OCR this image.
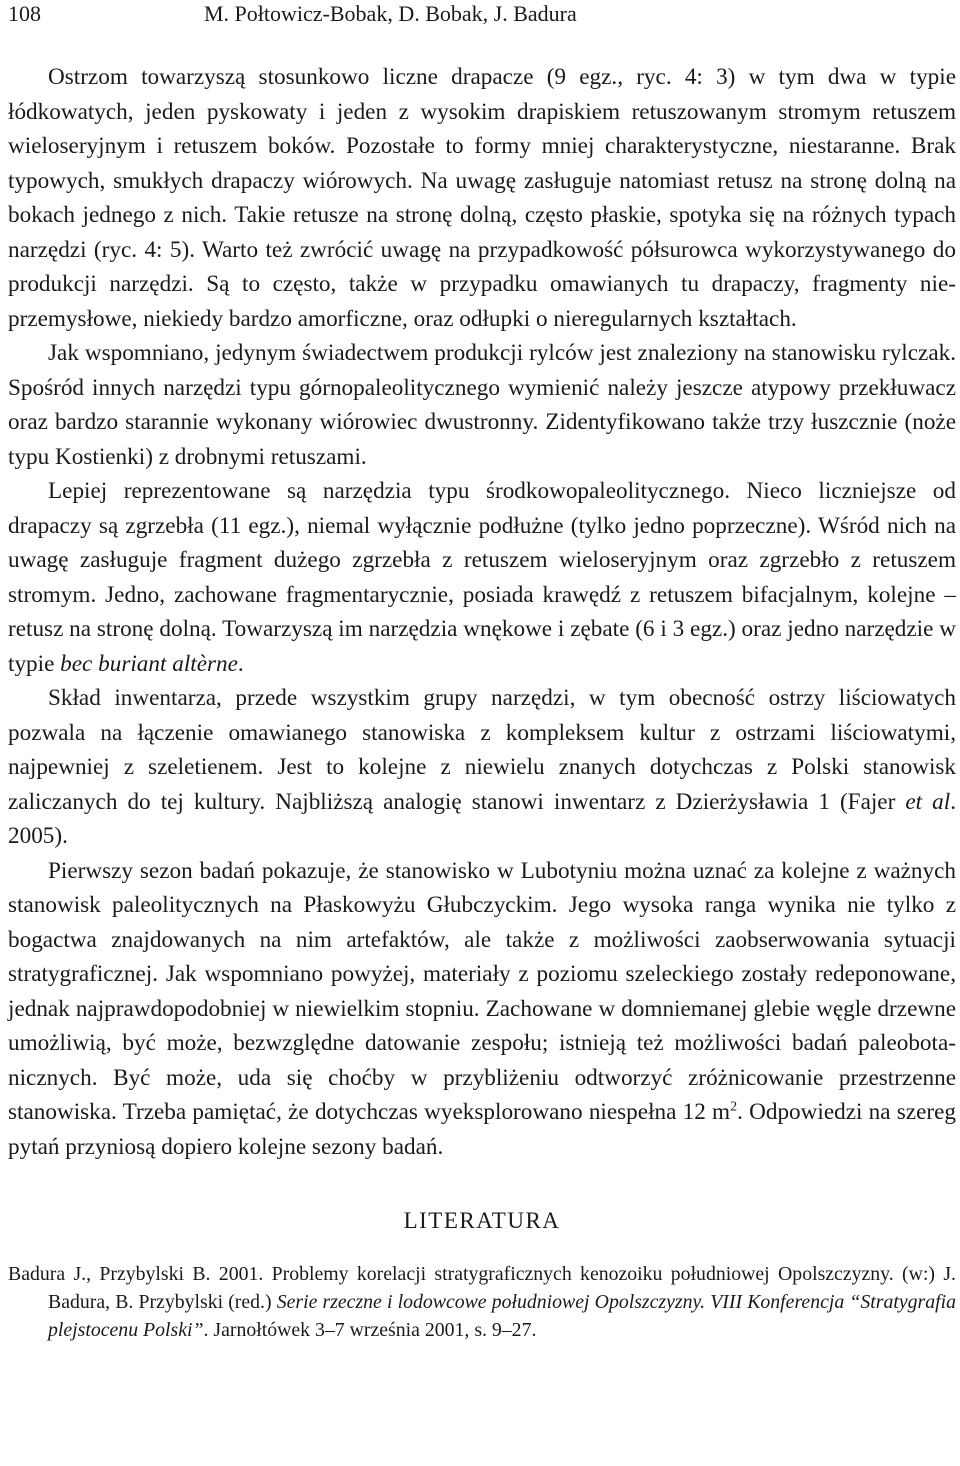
108	M. Połtowicz-Bobak, D. Bobak, J. Badura

Ostrzom towarzyszą stosunkowo liczne drapacze (9 egz., ryc. 4: 3) w tym dwa w typie łódkowatych, jeden pyskowaty i jeden z wysokim drapiskiem retuszowanym stromym retuszem wieloseryjnym i retuszem boków. Pozostałe to formy mniej charakterystyczne, niestaranne. Brak typowych, smukłych drapaczy wiórowych. Na uwagę zasługuje natomiast retusz na stronę dolną na bokach jednego z nich. Takie retusze na stronę dolną, często płaskie, spotyka się na różnych typach narzędzi (ryc. 4: 5). Warto też zwrócić uwagę na przypadkowość półsurowca wykorzystywanego do produkcji narzędzi. Są to często, także w przypadku omawianych tu drapaczy, fragmenty nieprzemysłowe, niekiedy bardzo amorficzne, oraz odłupki o nieregularnych kształtach.

Jak wspomniano, jedynym świadectwem produkcji rylców jest znaleziony na stanowisku rylczak. Spośród innych narzędzi typu górnopaleolitycznego wymienić należy jeszcze atypowy przekłuwacz oraz bardzo starannie wykonany wiórowiec dwustronny. Zidentyfikowano także trzy łuszcznie (noże typu Kostienki) z drobnymi retuszami.

Lepiej reprezentowane są narzędzia typu środkowopaleolitycznego. Nieco liczniejsze od drapaczy są zgrzebła (11 egz.), niemal wyłącznie podłużne (tylko jedno poprzeczne). Wśród nich na uwagę zasługuje fragment dużego zgrzebła z retuszem wieloseryjnym oraz zgrzebło z retuszem stromym. Jedno, zachowane fragmentarycznie, posiada krawędź z retuszem bifacjalnym, kolejne – retusz na stronę dolną. Towarzyszą im narzędzia wnękowe i zębate (6 i 3 egz.) oraz jedno narzędzie w typie bec buriant altèrne.

Skład inwentarza, przede wszystkim grupy narzędzi, w tym obecność ostrzy liściowatych pozwala na łączenie omawianego stanowiska z kompleksem kultur z ostrzami liściowatymi, najpewniej z szeletienem. Jest to kolejne z niewielu znanych dotychczas z Polski stanowisk zaliczanych do tej kultury. Najbliższą analogię stanowi inwentarz z Dzierżysławia 1 (Fajer et al. 2005).

Pierwszy sezon badań pokazuje, że stanowisko w Lubotyniu można uznać za kolejne z ważnych stanowisk paleolitycznych na Płaskowyżu Głubczyckim. Jego wysoka ranga wynika nie tylko z bogactwa znajdowanych na nim artefaktów, ale także z możliwości zaobserwowania sytuacji stratygraficznej. Jak wspomniano powyżej, materiały z poziomu szeleckiego zostały redeponowane, jednak najprawdopodobniej w niewielkim stopniu. Zachowane w domniemanej glebie węgle drzewne umożliwią, być może, bezwzględne datowanie zespołu; istnieją też możliwości badań paleobotanicznych. Być może, uda się choćby w przybliżeniu odtworzyć zróżnicowanie przestrzenne stanowiska. Trzeba pamiętać, że dotychczas wyeksplorowano niespełna 12 $m^2$. Odpowiedzi na szereg pytań przyniosą dopiero kolejne sezony badań.

LITERATURA

Badura J., Przybylski B. 2001. Problemy korelacji stratygraficznych kenozoiku południowej Opolszczyzny. (w:) J. Badura, B. Przybylski (red.) Serie rzeczne i lodowcowe południowej Opolszczyzny. VIII Konferencja “Stratygrafia plejstocenu Polski”. Jarnołtówek 3–7 września 2001, s. 9–27.
